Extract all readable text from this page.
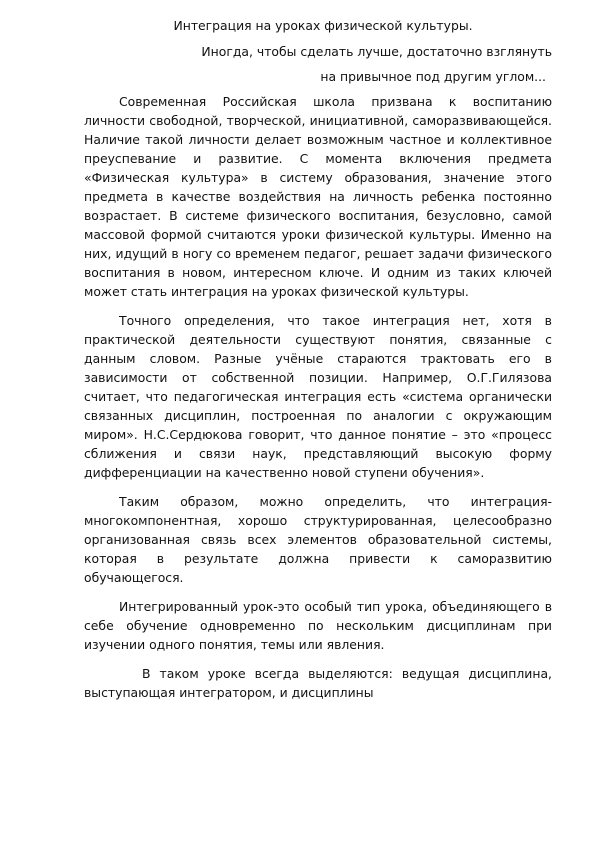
Интеграция на уроках физической культуры.
Иногда, чтобы сделать лучше, достаточно взглянуть
на привычное под другим углом...

Современная Российская школа призвана к воспитанию личности свободной, творческой, инициативной, саморазвивающейся. Наличие такой личности делает возможным частное и коллективное преуспевание и развитие. С момента включения предмета «Физическая культура» в систему образования, значение этого предмета в качестве воздействия на личность ребенка постоянно возрастает. В системе физического воспитания, безусловно, самой массовой формой считаются уроки физической культуры. Именно на них, идущий в ногу со временем педагог, решает задачи физического воспитания в новом, интересном ключе. И одним из таких ключей может стать интеграция на уроках физической культуры.

Точного определения, что такое интеграция нет, хотя в практической деятельности существуют понятия, связанные с данным словом. Разные учёные стараются трактовать его в зависимости от собственной позиции. Например, О.Г.Гилязова считает, что педагогическая интеграция есть «система органически связанных дисциплин, построенная по аналогии с окружающим миром». Н.С.Сердюкова говорит, что данное понятие – это «процесс сближения и связи наук, представляющий высокую форму дифференциации на качественно новой ступени обучения».

Таким образом, можно определить, что интеграция-многокомпонентная, хорошо структурированная, целесообразно организованная связь всех элементов образовательной системы, которая в результате должна привести к саморазвитию обучающегося.

Интегрированный урок-это особый тип урока, объединяющего в себе обучение одновременно по нескольким дисциплинам при изучении одного понятия, темы или явления.

В таком уроке всегда выделяются: ведущая дисциплина, выступающая интегратором, и дисциплины
